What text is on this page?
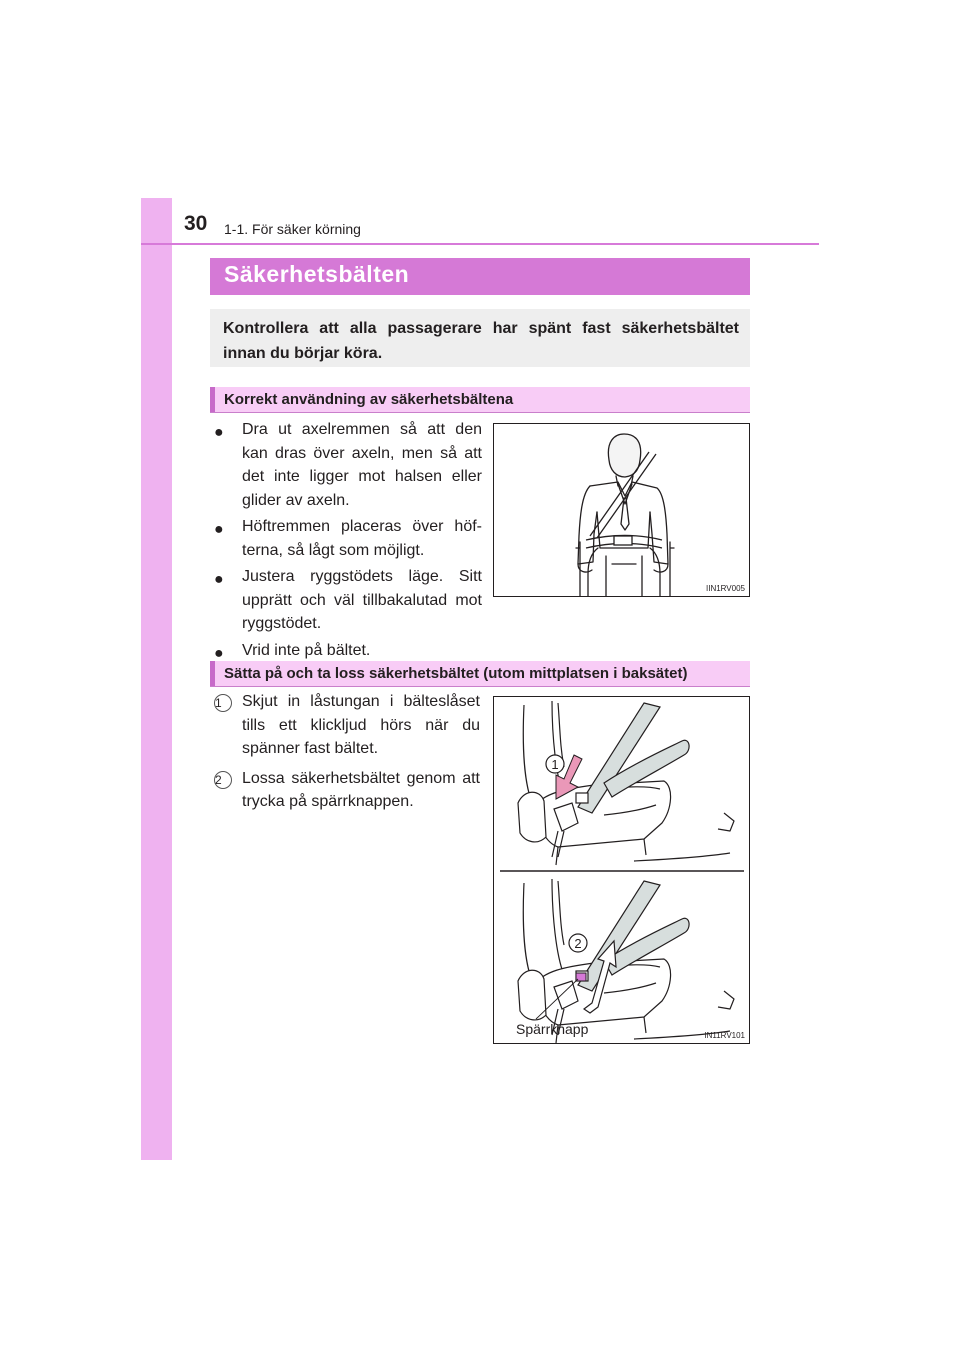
30 1-1. För säker körning
Säkerhetsbälten
Kontrollera att alla passagerare har spänt fast säkerhetsbältet innan du börjar köra.
Korrekt användning av säkerhetsbältena
● Dra ut axelremmen så att den kan dras över axeln, men så att det inte ligger mot halsen eller glider av axeln.
● Höftremmen placeras över höf-terna, så lågt som möjligt.
● Justera ryggstödets läge. Sitt upprätt och väl tillbakalutad mot ryggstödet.
● Vrid inte på bältet.
IIN1RV005
Sätta på och ta loss säkerhetsbältet (utom mittplatsen i baksätet)
1	Skjut in låstungan i bälteslåset tills ett klickljud hörs när du spänner fast bältet.
2	Lossa säkerhetsbältet genom att trycka på spärrknappen.
1
2
Spärrknapp	IN11RV101
